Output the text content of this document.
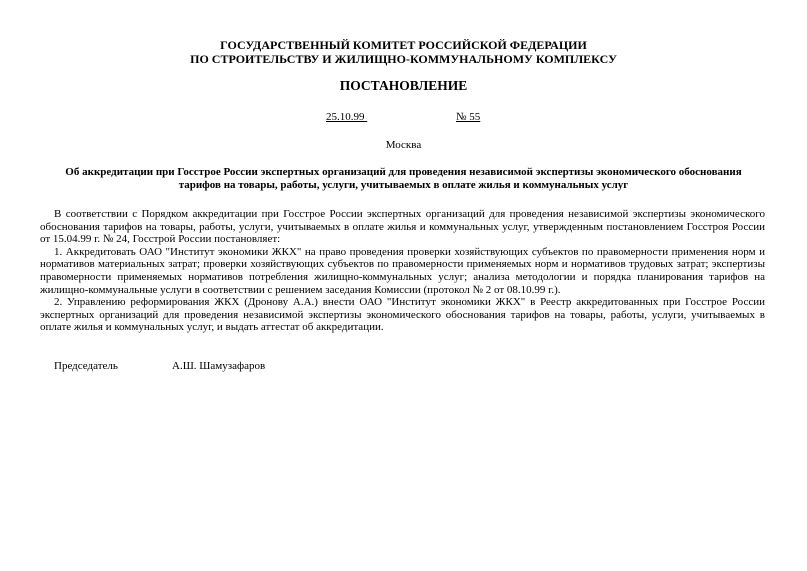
ГОСУДАРСТВЕННЫЙ КОМИТЕТ РОССИЙСКОЙ ФЕДЕРАЦИИ
ПО СТРОИТЕЛЬСТВУ И ЖИЛИЩНО-КОММУНАЛЬНОМУ КОМПЛЕКСУ
ПОСТАНОВЛЕНИЕ
25.10.99	№ 55
Москва
Об аккредитации при Госстрое России экспертных организаций для проведения независимой экспертизы экономического обоснования тарифов на товары, работы, услуги, учитываемых в оплате жилья и коммунальных услуг

В соответствии с Порядком аккредитации при Госстрое России экспертных организаций для проведения независимой экспертизы экономического обоснования тарифов на товары, работы, услуги, учитываемых в оплате жилья и коммунальных услуг, утвержденным постановлением Госстроя России от 15.04.99 г. № 24, Госстрой России постановляет:

1. Аккредитовать ОАО "Институт экономики ЖКХ" на право проведения проверки хозяйствующих субъектов по правомерности применения норм и нормативов материальных затрат; проверки хозяйствующих субъектов по правомерности применяемых норм и нормативов трудовых затрат; экспертизы правомерности применяемых нормативов потребления жилищно-коммунальных услуг; анализа методологии и порядка планирования тарифов на жилищно-коммунальные услуги в соответствии с решением заседания Комиссии (протокол № 2 от 08.10.99 г.).

2. Управлению реформирования ЖКХ (Дронову А.А.) внести ОАО "Институт экономики ЖКХ" в Реестр аккредитованных при Госстрое России экспертных организаций для проведения независимой экспертизы экономического обоснования тарифов на товары, работы, услуги, учитываемых в оплате жилья и коммунальных услуг, и выдать аттестат об аккредитации.

Председатель	А.Ш. Шамузафаров
